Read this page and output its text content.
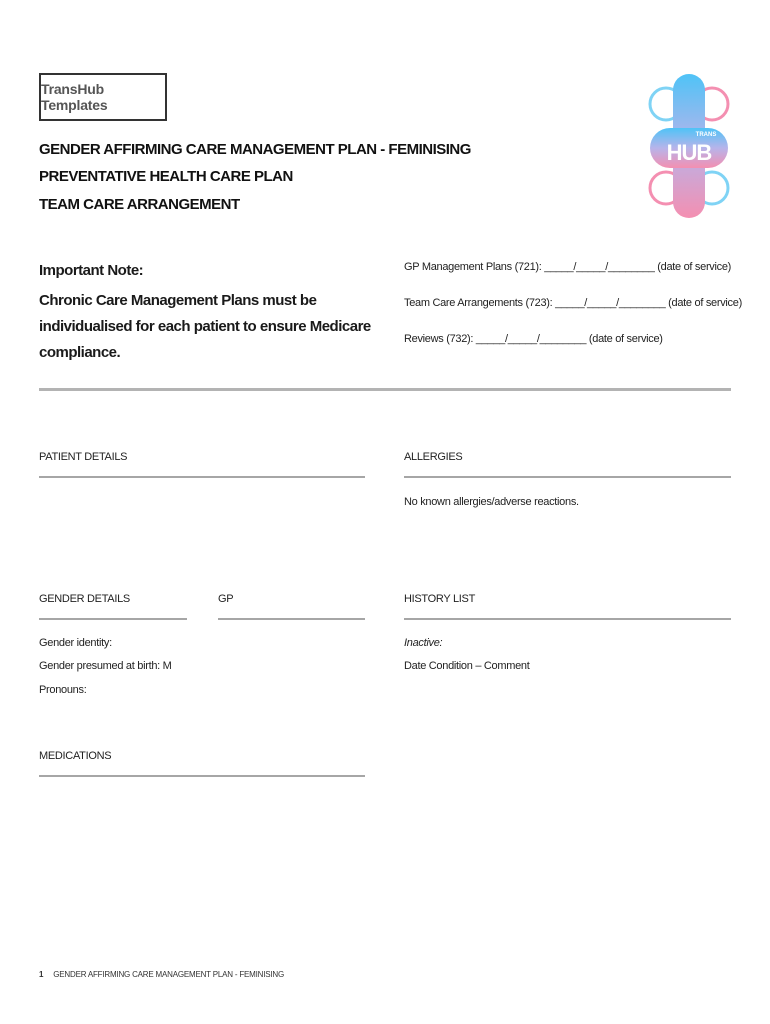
TransHub Templates
TRANS
HUB
GENDER AFFIRMING CARE MANAGEMENT PLAN - FEMINISING
PREVENTATIVE HEALTH CARE PLAN
TEAM CARE ARRANGEMENT
Important Note:
Chronic Care Management Plans must be individualised for each patient to ensure Medicare compliance.
GP Management Plans (721): _____/_____/________ (date of service)
Team Care Arrangements (723): _____/_____/________ (date of service)
Reviews (732): _____/_____/________ (date of service)
PATIENT DETAILS	ALLERGIES
No known allergies/adverse reactions.
GENDER DETAILS
Gender identity:
Gender presumed at birth: M
Pronouns:
GP	HISTORY LIST
Inactive:
Date Condition – Comment
MEDICATIONS
1 GENDER AFFIRMING CARE MANAGEMENT PLAN - FEMINISING
